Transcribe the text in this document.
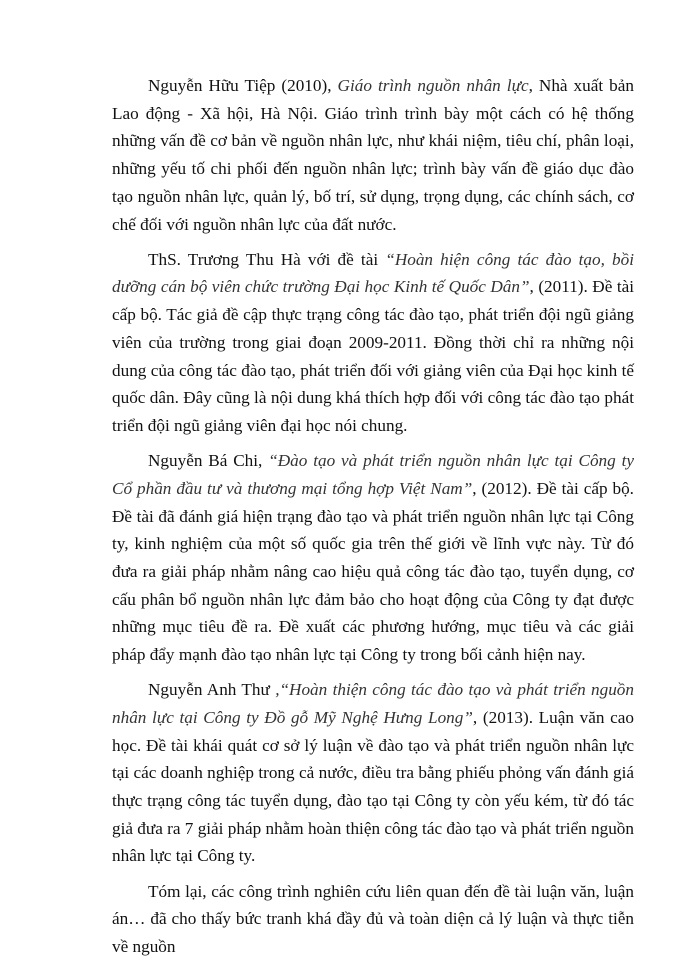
Nguyễn Hữu Tiệp (2010), Giáo trình nguồn nhân lực, Nhà xuất bản Lao động - Xã hội, Hà Nội. Giáo trình trình bày một cách có hệ thống những vấn đề cơ bản về nguồn nhân lực, như khái niệm, tiêu chí, phân loại, những yếu tố chi phối đến nguồn nhân lực; trình bày vấn đề giáo dục đào tạo nguồn nhân lực, quản lý, bố trí, sử dụng, trọng dụng, các chính sách, cơ chế đối với nguồn nhân lực của đất nước.

ThS. Trương Thu Hà với đề tài “Hoàn hiện công tác đào tạo, bồi dưỡng cán bộ viên chức trường Đại học Kinh tế Quốc Dân”, (2011). Đề tài cấp bộ. Tác giả đề cập thực trạng công tác đào tạo, phát triển đội ngũ giảng viên của trường trong giai đoạn 2009-2011. Đồng thời chỉ ra những nội dung của công tác đào tạo, phát triển đối với giảng viên của Đại học kinh tế quốc dân. Đây cũng là nội dung khá thích hợp đối với công tác đào tạo phát triển đội ngũ giảng viên đại học nói chung.

Nguyễn Bá Chi, “Đào tạo và phát triển nguồn nhân lực tại Công ty Cổ phần đầu tư và thương mại tổng hợp Việt Nam”, (2012). Đề tài cấp bộ. Đề tài đã đánh giá hiện trạng đào tạo và phát triển nguồn nhân lực tại Công ty, kinh nghiệm của một số quốc gia trên thế giới về lĩnh vực này. Từ đó đưa ra giải pháp nhằm nâng cao hiệu quả công tác đào tạo, tuyển dụng, cơ cấu phân bổ nguồn nhân lực đảm bảo cho hoạt động của Công ty đạt được những mục tiêu đề ra. Đề xuất các phương hướng, mục tiêu và các giải pháp đẩy mạnh đào tạo nhân lực tại Công ty trong bối cảnh hiện nay.

Nguyễn Anh Thư ,“Hoàn thiện công tác đào tạo và phát triển nguồn nhân lực tại Công ty Đồ gỗ Mỹ Nghệ Hưng Long”, (2013). Luận văn cao học. Đề tài khái quát cơ sở lý luận về đào tạo và phát triển nguồn nhân lực tại các doanh nghiệp trong cả nước, điều tra bằng phiếu phỏng vấn đánh giá thực trạng công tác tuyển dụng, đào tạo tại Công ty còn yếu kém, từ đó tác giả đưa ra 7 giải pháp nhằm hoàn thiện công tác đào tạo và phát triển nguồn nhân lực tại Công ty.

Tóm lại, các công trình nghiên cứu liên quan đến đề tài luận văn, luận án… đã cho thấy bức tranh khá đầy đủ và toàn diện cả lý luận và thực tiễn về nguồn
